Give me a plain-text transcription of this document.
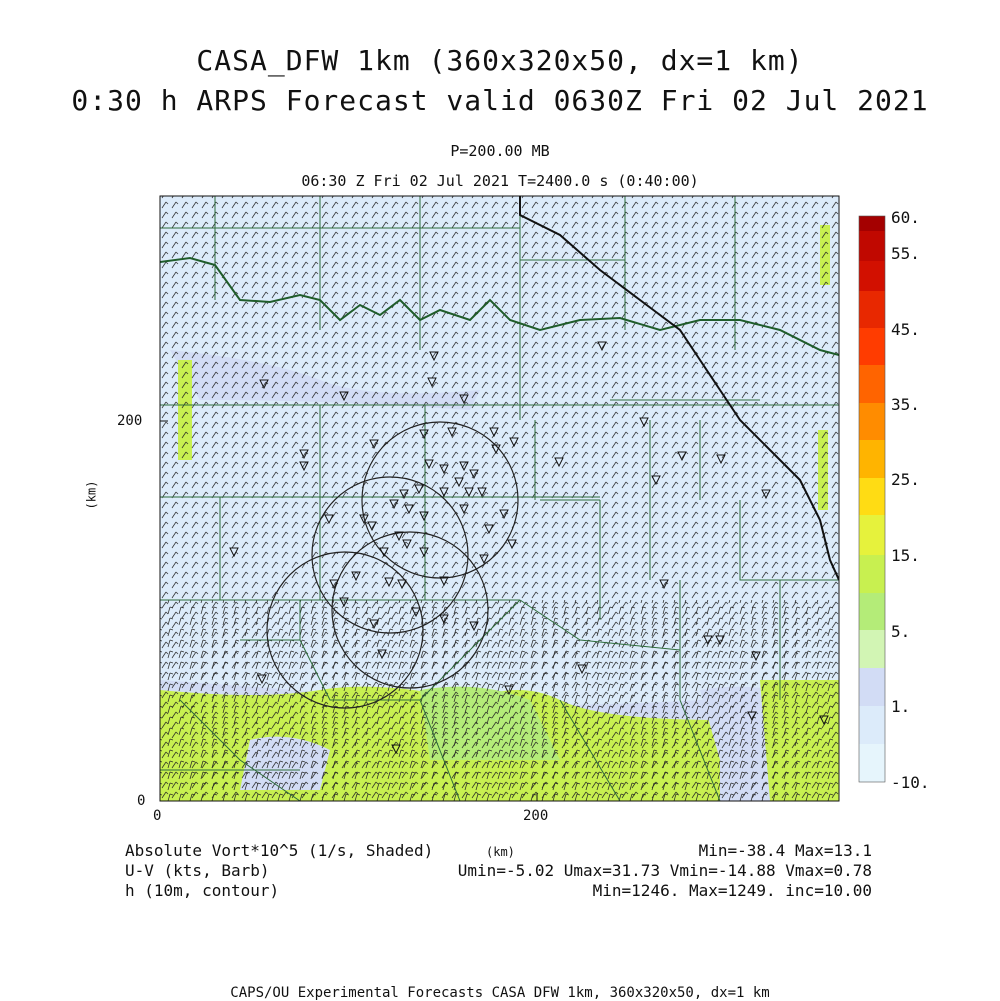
CASA_DFW 1km (360x320x50, dx=1 km)
0:30 h ARPS Forecast valid 0630Z Fri 02 Jul 2021
P=200.00 MB
06:30 Z Fri 02 Jul 2021 T=2400.0 s (0:40:00)
(km)
200
0
0	200
(km)
60.
55.
45.
35.
25.
15.
5.
1.
-10.
Absolute Vort*10^5 (1/s, Shaded)
U-V (kts, Barb)
h (10m, contour)
Min=-38.4 Max=13.1
Umin=-5.02 Umax=31.73 Vmin=-14.88 Vmax=0.78
Min=1246. Max=1249. inc=10.00
CAPS/OU Experimental Forecasts CASA DFW 1km, 360x320x50, dx=1 km
